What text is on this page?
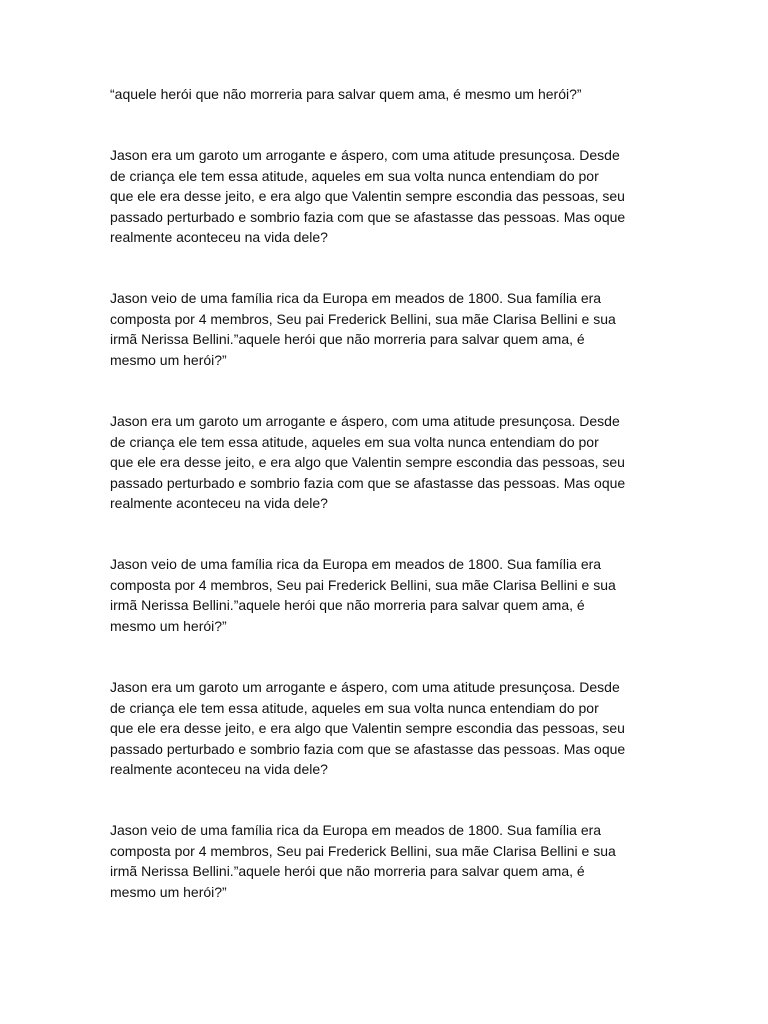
“aquele herói que não morreria para salvar quem ama, é mesmo um herói?”

Jason era um garoto um arrogante e áspero, com uma atitude presunçosa. Desde
de criança ele tem essa atitude, aqueles em sua volta nunca entendiam do por
que ele era desse jeito, e era algo que Valentin sempre escondia das pessoas, seu
passado perturbado e sombrio fazia com que se afastasse das pessoas. Mas oque
realmente aconteceu na vida dele?

Jason veio de uma família rica da Europa em meados de 1800. Sua família era
composta por 4 membros, Seu pai Frederick Bellini, sua mãe Clarisa Bellini e sua
irmã Nerissa Bellini.”aquele herói que não morreria para salvar quem ama, é
mesmo um herói?”

Jason era um garoto um arrogante e áspero, com uma atitude presunçosa. Desde
de criança ele tem essa atitude, aqueles em sua volta nunca entendiam do por
que ele era desse jeito, e era algo que Valentin sempre escondia das pessoas, seu
passado perturbado e sombrio fazia com que se afastasse das pessoas. Mas oque
realmente aconteceu na vida dele?

Jason veio de uma família rica da Europa em meados de 1800. Sua família era
composta por 4 membros, Seu pai Frederick Bellini, sua mãe Clarisa Bellini e sua
irmã Nerissa Bellini.”aquele herói que não morreria para salvar quem ama, é
mesmo um herói?”

Jason era um garoto um arrogante e áspero, com uma atitude presunçosa. Desde
de criança ele tem essa atitude, aqueles em sua volta nunca entendiam do por
que ele era desse jeito, e era algo que Valentin sempre escondia das pessoas, seu
passado perturbado e sombrio fazia com que se afastasse das pessoas. Mas oque
realmente aconteceu na vida dele?

Jason veio de uma família rica da Europa em meados de 1800. Sua família era
composta por 4 membros, Seu pai Frederick Bellini, sua mãe Clarisa Bellini e sua
irmã Nerissa Bellini.”aquele herói que não morreria para salvar quem ama, é
mesmo um herói?”
